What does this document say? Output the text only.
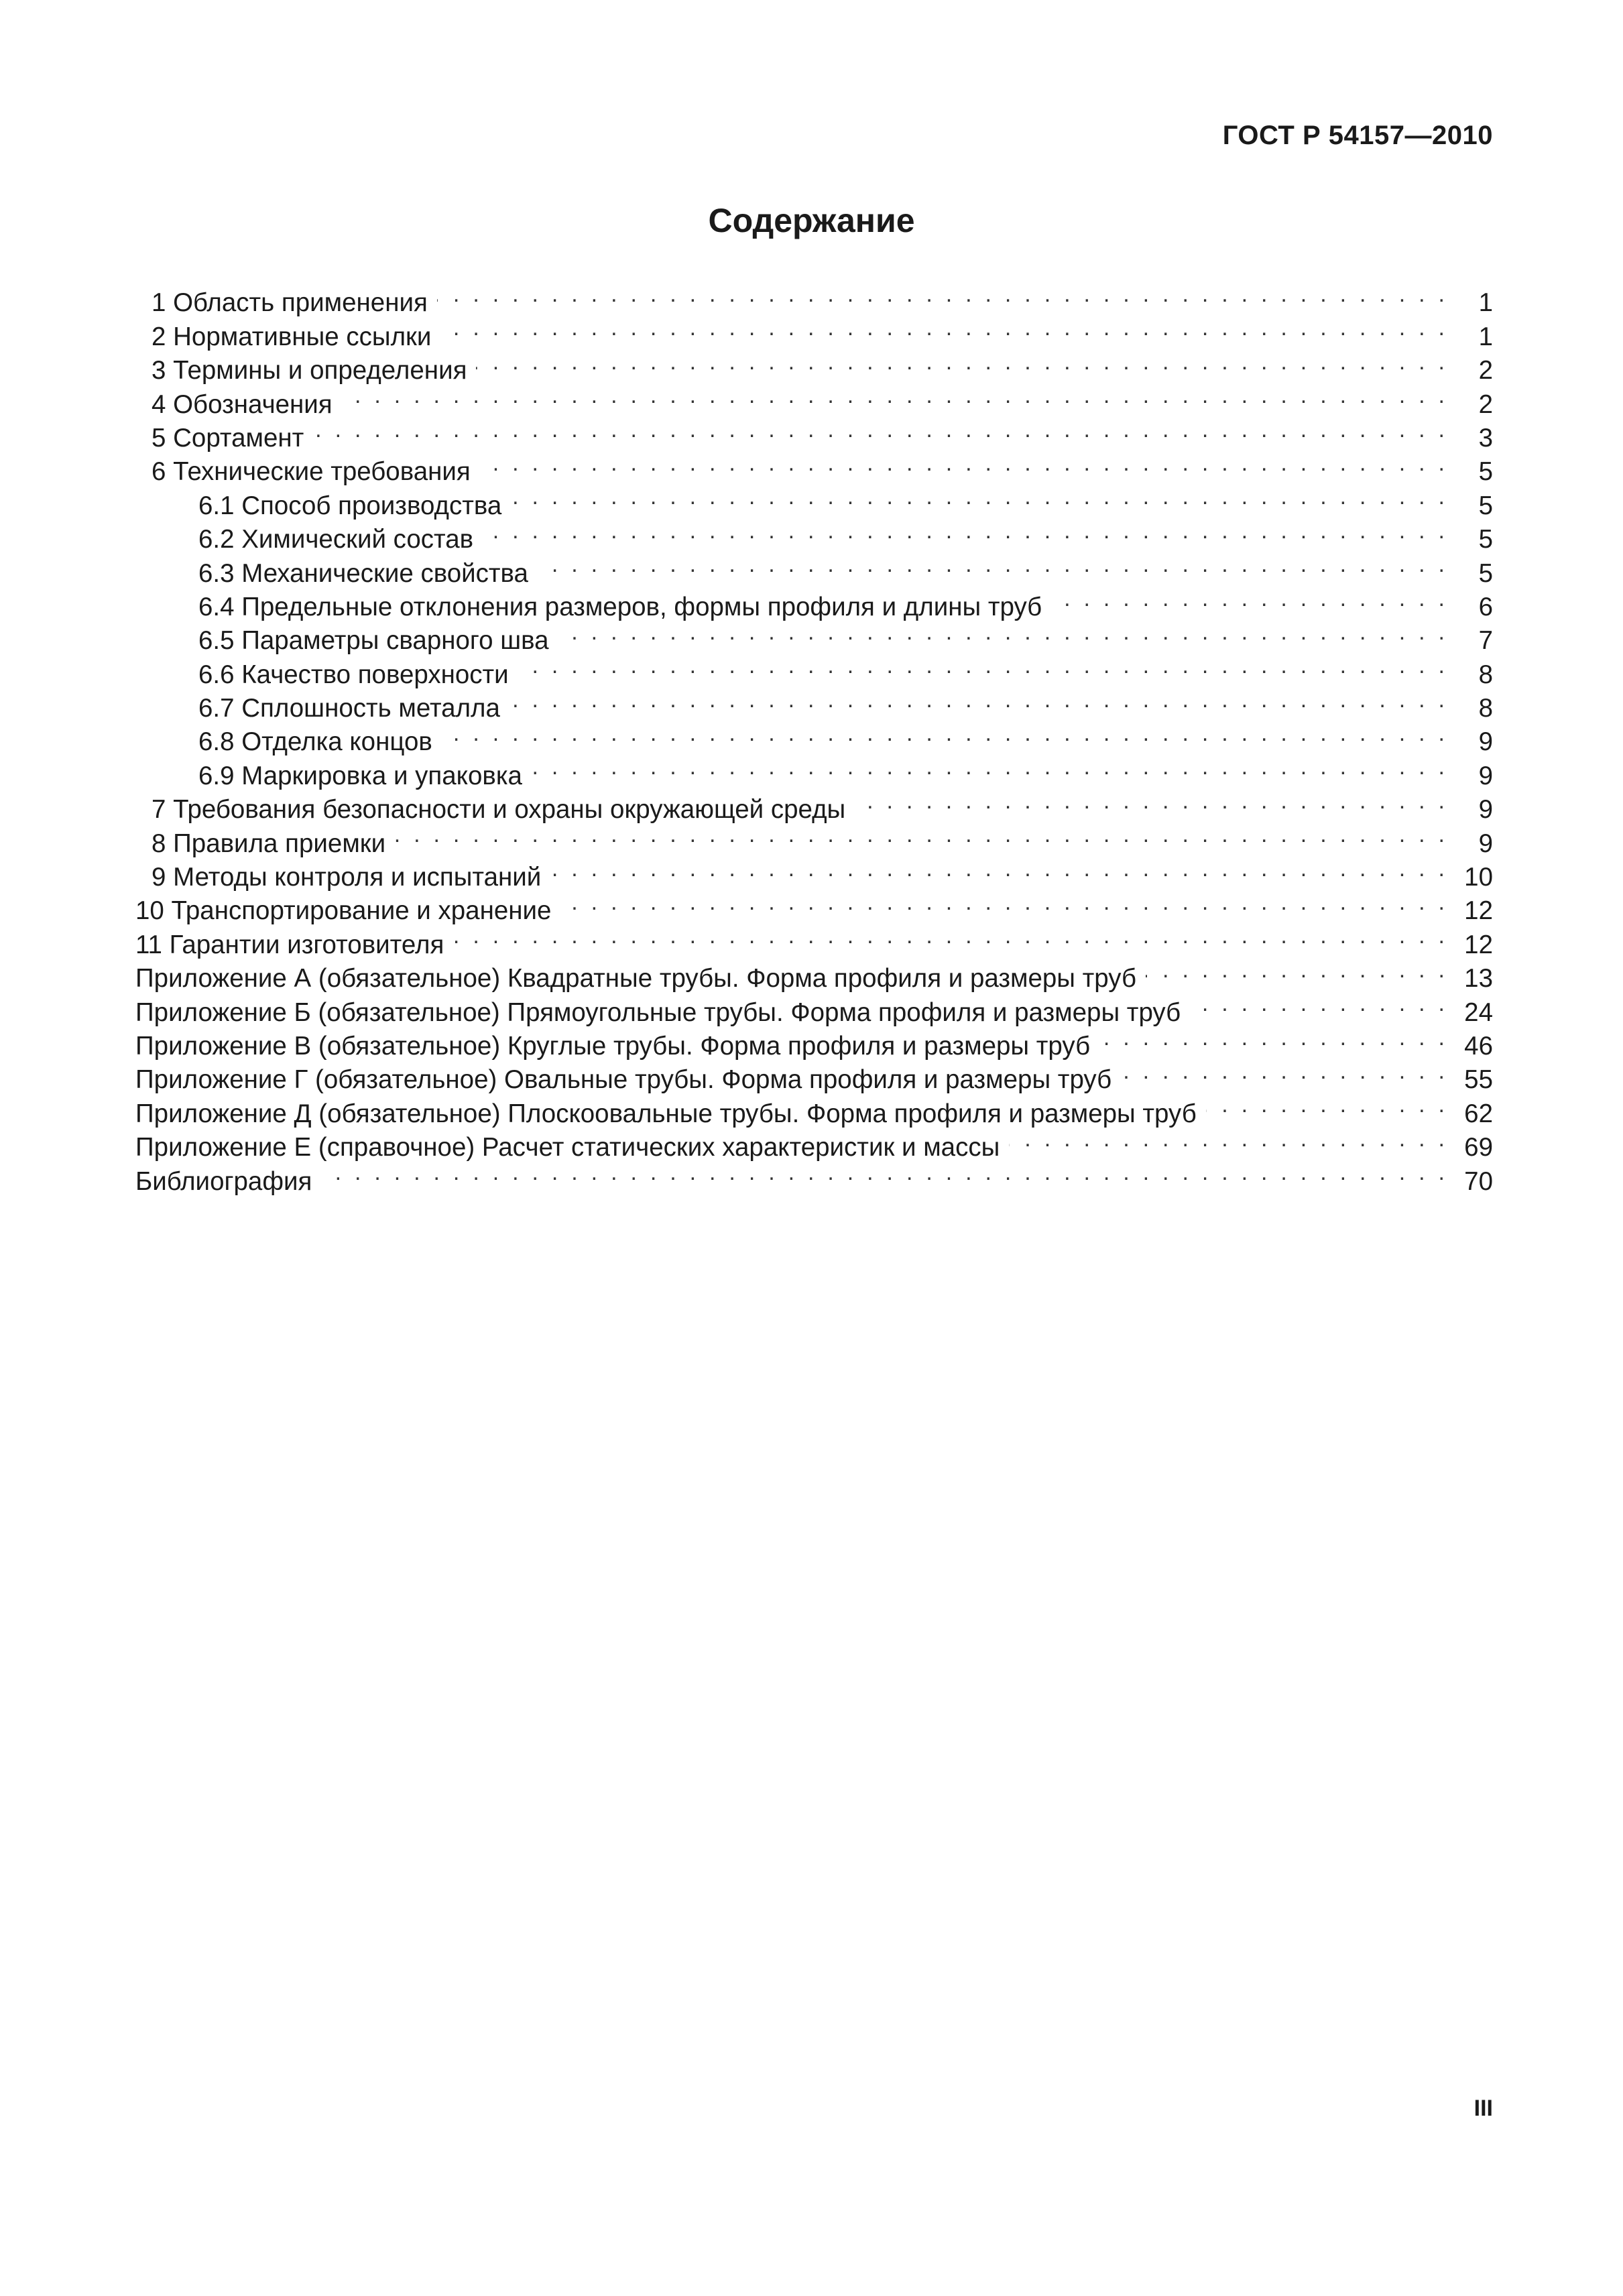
ГОСТ Р 54157—2010
Содержание
1 Область применения . . .	1
2 Нормативные ссылки . . .	1
3 Термины и определения . . .	2
4 Обозначения . . .	2
5 Сортамент . . .	3
6 Технические требования . . .	5
6.1 Способ производства . . .	5
6.2 Химический состав . . .	5
6.3 Механические свойства . . .	5
6.4 Предельные отклонения размеров, формы профиля и длины труб . . .	6
6.5 Параметры сварного шва . . .	7
6.6 Качество поверхности . . .	8
6.7 Сплошность металла . . .	8
6.8 Отделка концов . . .	9
6.9 Маркировка и упаковка . . .	9
7 Требования безопасности и охраны окружающей среды . . .	9
8 Правила приемки . . .	9
9 Методы контроля и испытаний . . .	10
10 Транспортирование и хранение . . .	12
11 Гарантии изготовителя . . .	12
Приложение А (обязательное) Квадратные трубы. Форма профиля и размеры труб . . .	13
Приложение Б (обязательное) Прямоугольные трубы. Форма профиля и размеры труб . . .	24
Приложение В (обязательное) Круглые трубы. Форма профиля и размеры труб . . .	46
Приложение Г (обязательное) Овальные трубы. Форма профиля и размеры труб . . .	55
Приложение Д (обязательное) Плоскоовальные трубы. Форма профиля и размеры труб . . .	62
Приложение Е (справочное) Расчет статических характеристик и массы . . .	69
Библиография . . .	70
III
